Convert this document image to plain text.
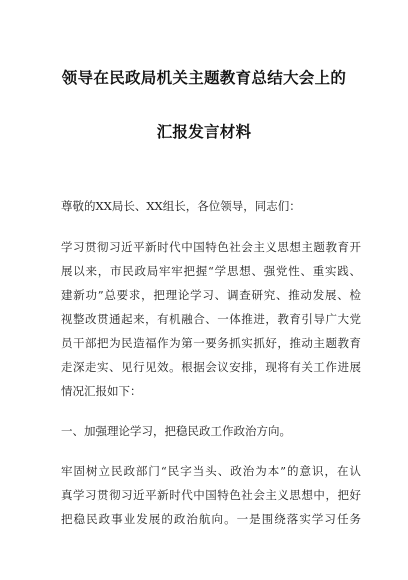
领导在民政局机关主题教育总结大会上的
汇报发言材料
尊敬的XX局长、XX组长，各位领导，同志们：
学习贯彻习近平新时代中国特色社会主义思想主题教育开
展以来，市民政局牢牢把握“学思想、强党性、重实践、
建新功”总要求，把理论学习、调查研究、推动发展、检
视整改贯通起来，有机融合、一体推进，教育引导广大党
员干部把为民造福作为第一要务抓实抓好，推动主题教育
走深走实、见行见效。根据会议安排，现将有关工作进展
情况汇报如下：
一、加强理论学习，把稳民政工作政治方向。
牢固树立民政部门“民字当头、政治为本”的意识，在认
真学习贯彻习近平新时代中国特色社会主义思想中，把好
把稳民政事业发展的政治航向。一是围绕落实学习任务
